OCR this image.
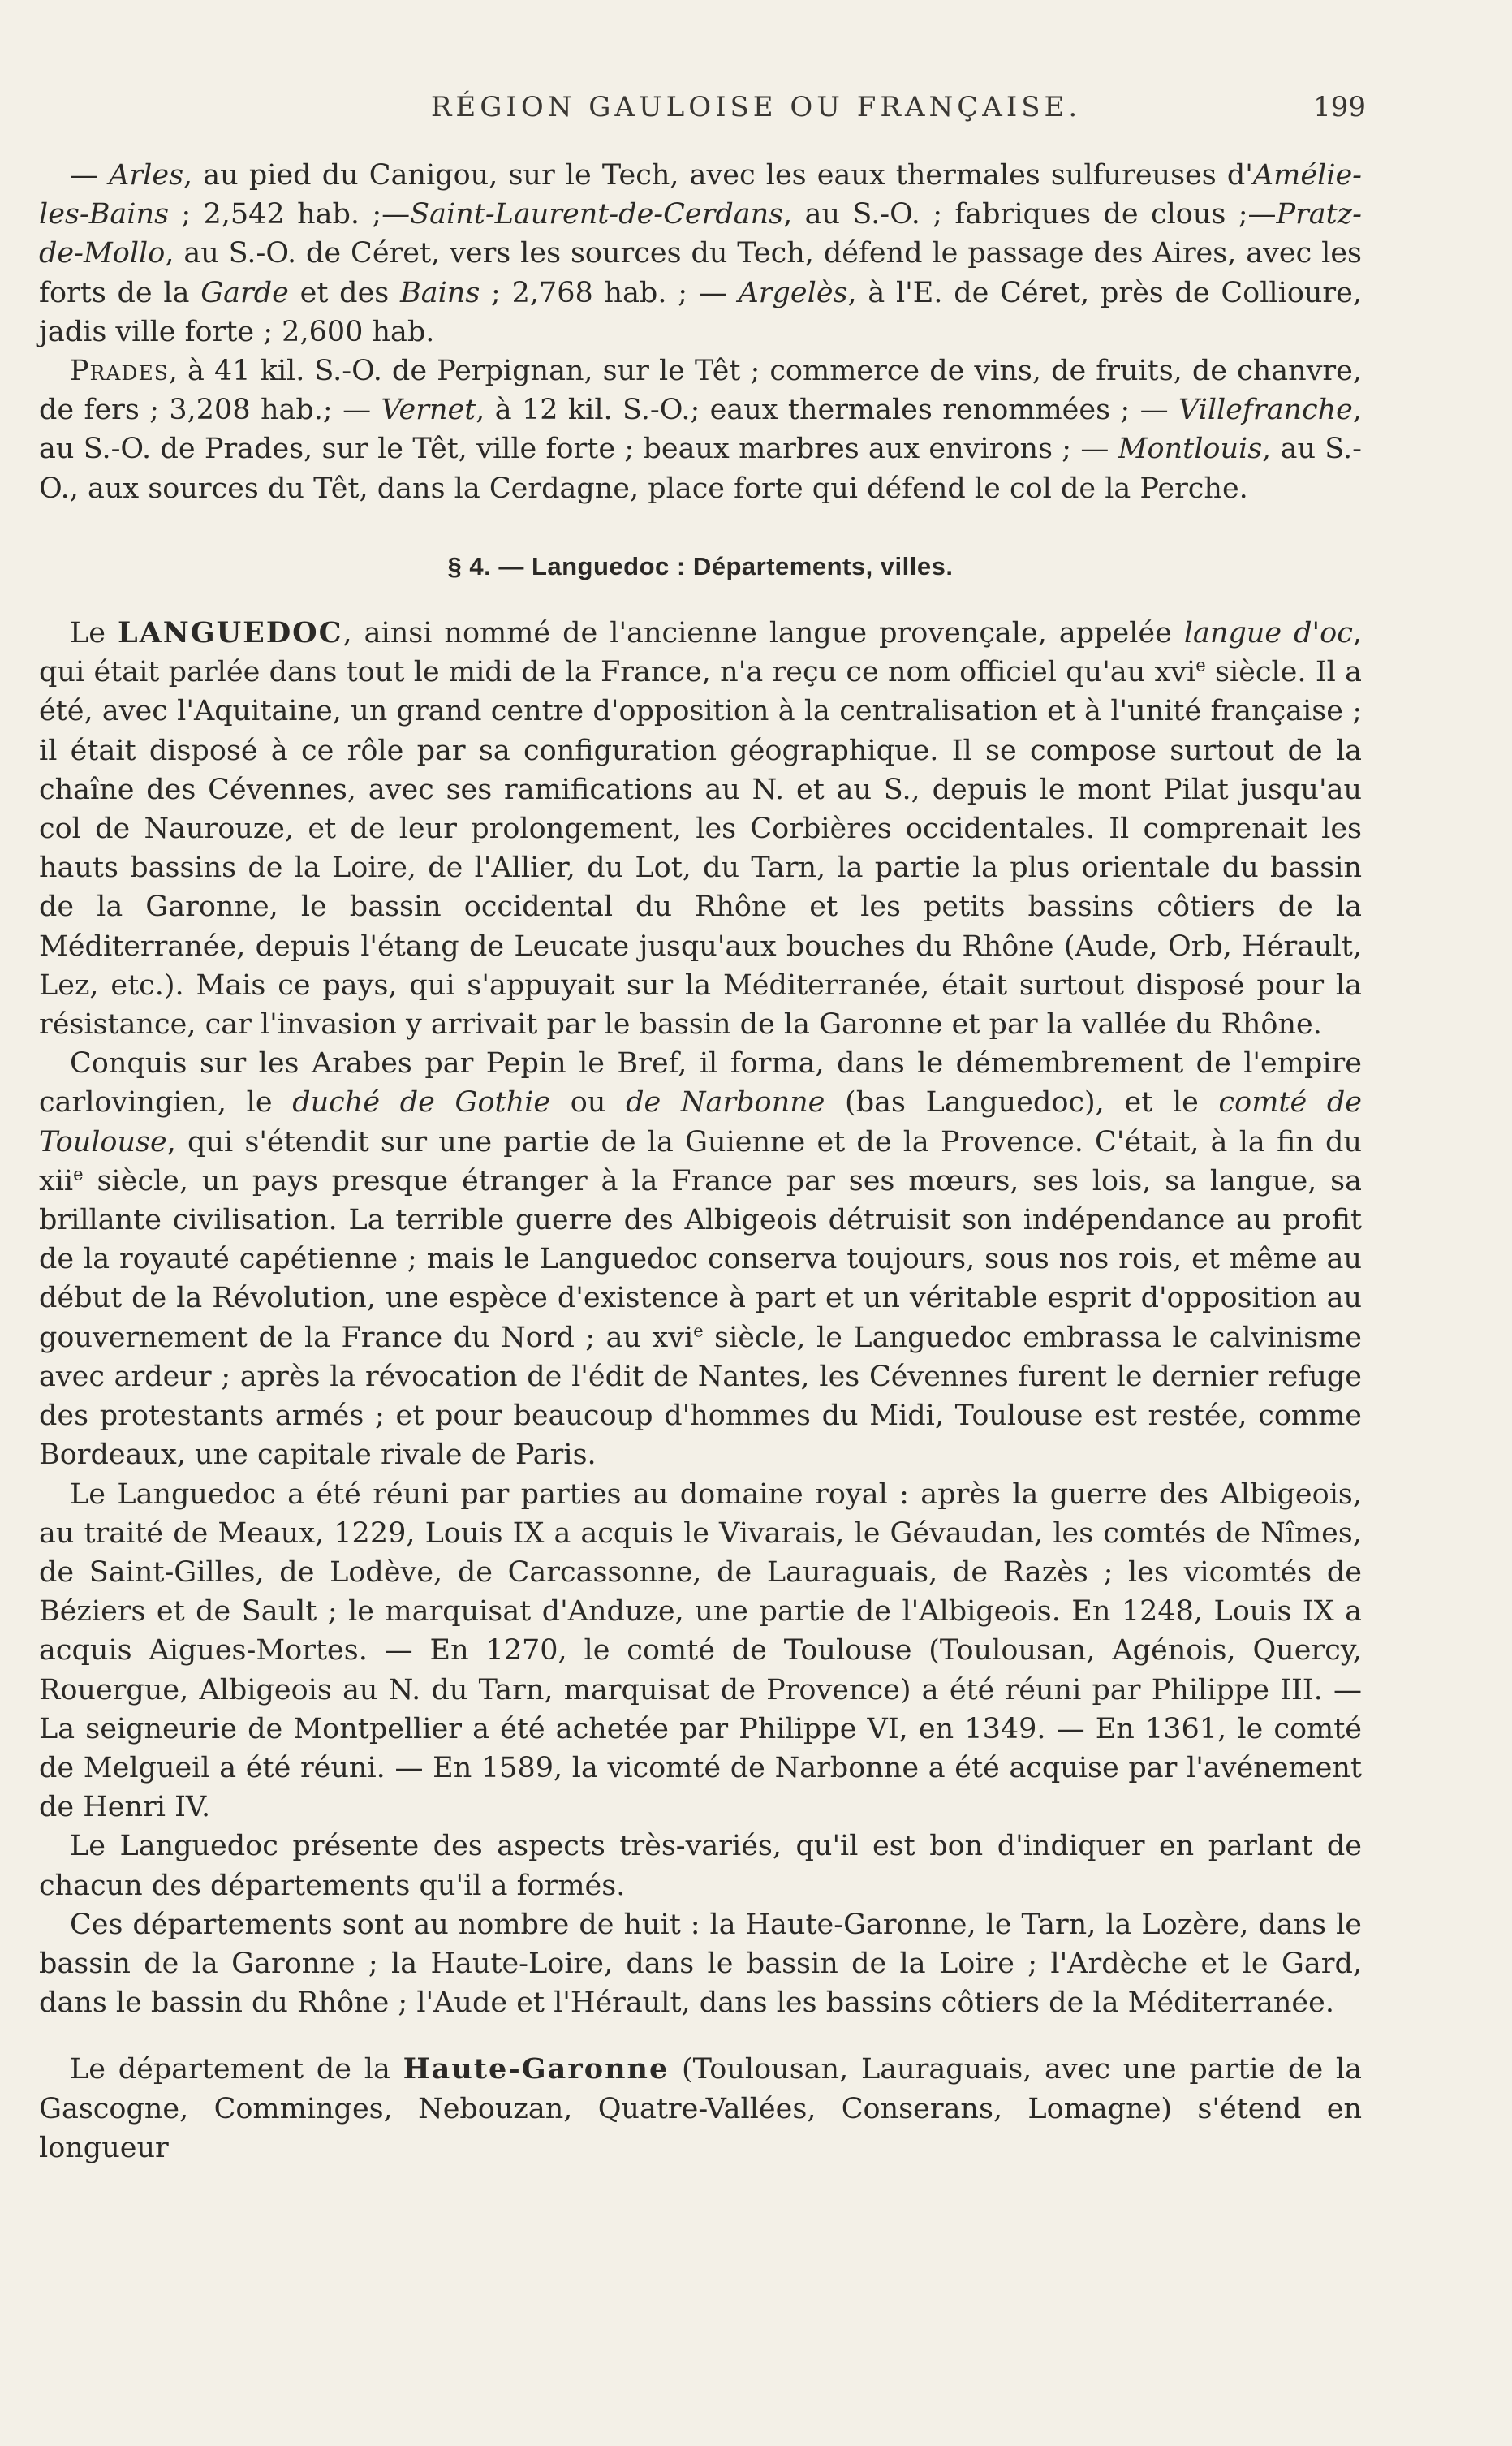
RÉGION GAULOISE OU FRANÇAISE.	199

— Arles, au pied du Canigou, sur le Tech, avec les eaux thermales sulfureuses d'Amélie-les-Bains ; 2,542 hab. ;—Saint-Laurent-de-Cerdans, au S.-O. ; fabriques de clous ;—Pratz-de-Mollo, au S.-O. de Céret, vers les sources du Tech, défend le passage des Aires, avec les forts de la Garde et des Bains ; 2,768 hab. ; — Argelès, à l'E. de Céret, près de Collioure, jadis ville forte ; 2,600 hab.

Prades, à 41 kil. S.-O. de Perpignan, sur le Têt ; commerce de vins, de fruits, de chanvre, de fers ; 3,208 hab.; — Vernet, à 12 kil. S.-O.; eaux thermales renommées ; — Villefranche, au S.-O. de Prades, sur le Têt, ville forte ; beaux marbres aux environs ; — Montlouis, au S.-O., aux sources du Têt, dans la Cerdagne, place forte qui défend le col de la Perche.

§ 4. — Languedoc : Départements, villes.

Le LANGUEDOC, ainsi nommé de l'ancienne langue provençale, appelée langue d'oc, qui était parlée dans tout le midi de la France, n'a reçu ce nom officiel qu'au xvi$^e$ siècle. Il a été, avec l'Aquitaine, un grand centre d'opposition à la centralisation et à l'unité française ; il était disposé à ce rôle par sa configuration géographique. Il se compose surtout de la chaîne des Cévennes, avec ses ramifications au N. et au S., depuis le mont Pilat jusqu'au col de Naurouze, et de leur prolongement, les Corbières occidentales. Il comprenait les hauts bassins de la Loire, de l'Allier, du Lot, du Tarn, la partie la plus orientale du bassin de la Garonne, le bassin occidental du Rhône et les petits bassins côtiers de la Méditerranée, depuis l'étang de Leucate jusqu'aux bouches du Rhône (Aude, Orb, Hérault, Lez, etc.). Mais ce pays, qui s'appuyait sur la Méditerranée, était surtout disposé pour la résistance, car l'invasion y arrivait par le bassin de la Garonne et par la vallée du Rhône.

Conquis sur les Arabes par Pepin le Bref, il forma, dans le démembrement de l'empire carlovingien, le duché de Gothie ou de Narbonne (bas Languedoc), et le comté de Toulouse, qui s'étendit sur une partie de la Guienne et de la Provence. C'était, à la fin du xii$^e$ siècle, un pays presque étranger à la France par ses mœurs, ses lois, sa langue, sa brillante civilisation. La terrible guerre des Albigeois détruisit son indépendance au profit de la royauté capétienne ; mais le Languedoc conserva toujours, sous nos rois, et même au début de la Révolution, une espèce d'existence à part et un véritable esprit d'opposition au gouvernement de la France du Nord ; au xvi$^e$ siècle, le Languedoc embrassa le calvinisme avec ardeur ; après la révocation de l'édit de Nantes, les Cévennes furent le dernier refuge des protestants armés ; et pour beaucoup d'hommes du Midi, Toulouse est restée, comme Bordeaux, une capitale rivale de Paris.

Le Languedoc a été réuni par parties au domaine royal : après la guerre des Albigeois, au traité de Meaux, 1229, Louis IX a acquis le Vivarais, le Gévaudan, les comtés de Nîmes, de Saint-Gilles, de Lodève, de Carcassonne, de Lauraguais, de Razès ; les vicomtés de Béziers et de Sault ; le marquisat d'Anduze, une partie de l'Albigeois. En 1248, Louis IX a acquis Aigues-Mortes. — En 1270, le comté de Toulouse (Toulousan, Agénois, Quercy, Rouergue, Albigeois au N. du Tarn, marquisat de Provence) a été réuni par Philippe III. — La seigneurie de Montpellier a été achetée par Philippe VI, en 1349. — En 1361, le comté de Melgueil a été réuni. — En 1589, la vicomté de Narbonne a été acquise par l'avénement de Henri IV.

Le Languedoc présente des aspects très-variés, qu'il est bon d'indiquer en parlant de chacun des départements qu'il a formés.

Ces départements sont au nombre de huit : la Haute-Garonne, le Tarn, la Lozère, dans le bassin de la Garonne ; la Haute-Loire, dans le bassin de la Loire ; l'Ardèche et le Gard, dans le bassin du Rhône ; l'Aude et l'Hérault, dans les bassins côtiers de la Méditerranée.

Le département de la Haute-Garonne (Toulousan, Lauraguais, avec une partie de la Gascogne, Comminges, Nebouzan, Quatre-Vallées, Conserans, Lomagne) s'étend en longueur
